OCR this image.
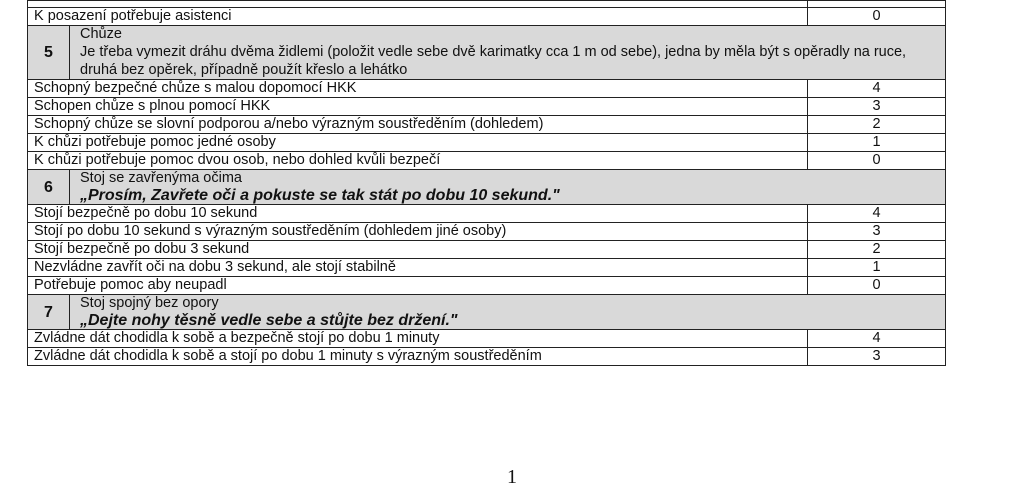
K posazení potřebuje asistenci		0
5	Chůze
Je třeba vymezit dráhu dvěma židlemi (položit vedle sebe dvě karimatky cca 1 m od sebe), jedna by měla být s opěradly na ruce, druhá bez opěrek, případně použít křeslo a lehátko	

Schopný bezpečné chůze s malou dopomocí HKK		4
Schopen chůze s plnou pomocí HKK		3
Schopný chůze se slovní podporou a/nebo výrazným soustředěním (dohledem)		2
K chůzi potřebuje pomoc jedné osoby		1
K chůzi potřebuje pomoc dvou osob, nebo dohled kvůli bezpečí		0
6	Stoj se zavřenýma očima
„Prosím, Zavřete oči a pokuste se tak stát po dobu 10 sekund."	

Stojí bezpečně po dobu 10 sekund		4
Stojí po dobu 10 sekund s výrazným soustředěním (dohledem jiné osoby)		3
Stojí bezpečně po dobu 3 sekund		2
Nezvládne zavřít oči na dobu 3 sekund, ale stojí stabilně		1
Potřebuje pomoc aby neupadl		0
7	Stoj spojný bez opory
„Dejte nohy těsně vedle sebe a stůjte bez držení."	

Zvládne dát chodidla k sobě a bezpečně stojí po dobu 1 minuty		4
Zvládne dát chodidla k sobě a stojí po dobu 1 minuty s výrazným soustředěním		3
1
